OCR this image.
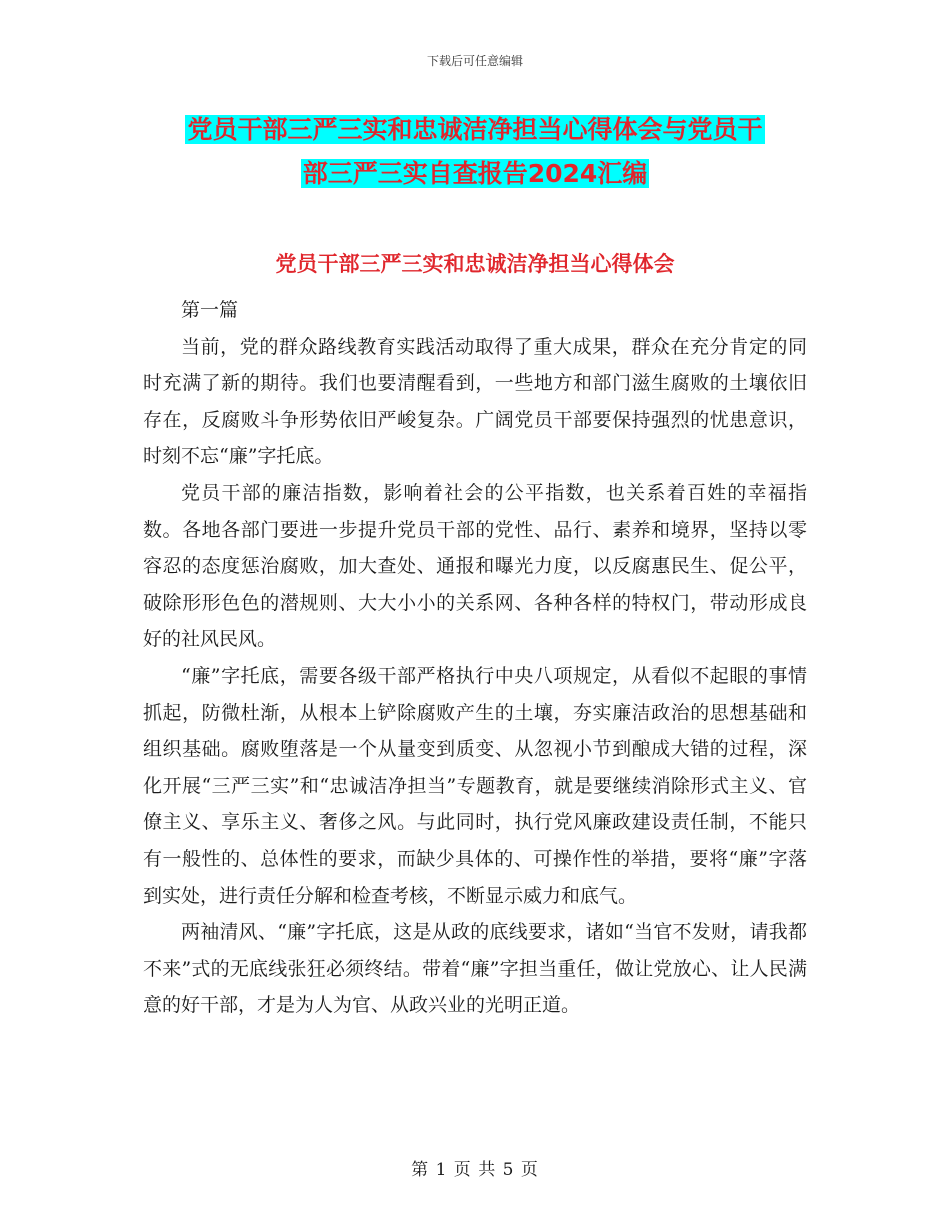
下载后可任意编辑
党员干部三严三实和忠诚洁净担当心得体会与党员干
部三严三实自查报告2024汇编
党员干部三严三实和忠诚洁净担当心得体会

第一篇

当前，党的群众路线教育实践活动取得了重大成果，群众在充分肯定的同时充满了新的期待。我们也要清醒看到，一些地方和部门滋生腐败的土壤依旧存在，反腐败斗争形势依旧严峻复杂。广阔党员干部要保持强烈的忧患意识，时刻不忘“廉”字托底。

党员干部的廉洁指数，影响着社会的公平指数，也关系着百姓的幸福指数。各地各部门要进一步提升党员干部的党性、品行、素养和境界，坚持以零容忍的态度惩治腐败，加大查处、通报和曝光力度，以反腐惠民生、促公平，破除形形色色的潜规则、大大小小的关系网、各种各样的特权门，带动形成良好的社风民风。

“廉”字托底，需要各级干部严格执行中央八项规定，从看似不起眼的事情抓起，防微杜渐，从根本上铲除腐败产生的土壤，夯实廉洁政治的思想基础和组织基础。腐败堕落是一个从量变到质变、从忽视小节到酿成大错的过程，深化开展“三严三实”和“忠诚洁净担当”专题教育，就是要继续消除形式主义、官僚主义、享乐主义、奢侈之风。与此同时，执行党风廉政建设责任制，不能只有一般性的、总体性的要求，而缺少具体的、可操作性的举措，要将“廉”字落到实处，进行责任分解和检查考核，不断显示威力和底气。

两袖清风、“廉”字托底，这是从政的底线要求，诸如“当官不发财，请我都不来”式的无底线张狂必须终结。带着“廉”字担当重任，做让党放心、让人民满意的好干部，才是为人为官、从政兴业的光明正道。

第 1 页 共 5 页
